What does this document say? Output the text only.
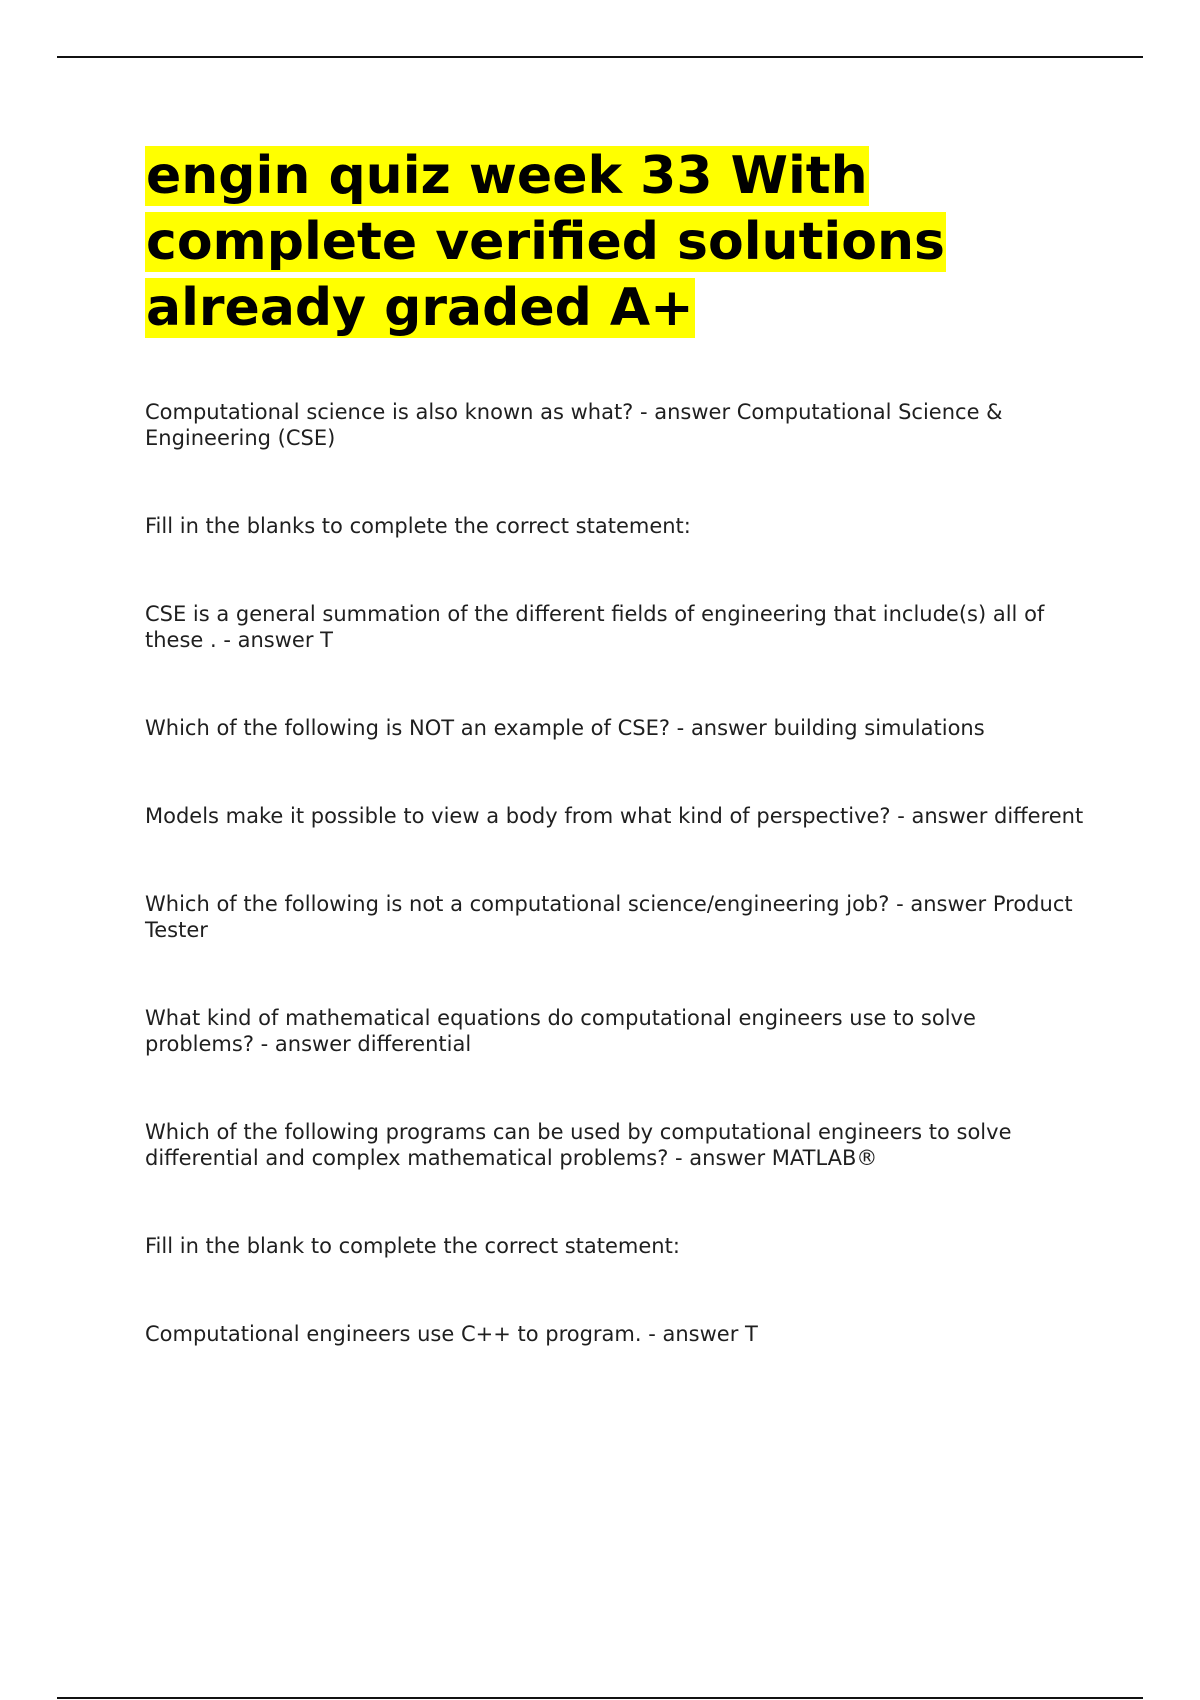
engin quiz week 33 With complete verified solutions already graded A+

Computational science is also known as what? - answer Computational Science & Engineering (CSE)

Fill in the blanks to complete the correct statement:

CSE is a general summation of the different fields of engineering that include(s) all of these . - answer T

Which of the following is NOT an example of CSE? - answer building simulations

Models make it possible to view a body from what kind of perspective? - answer different

Which of the following is not a computational science/engineering job? - answer Product Tester

What kind of mathematical equations do computational engineers use to solve problems? - answer differential

Which of the following programs can be used by computational engineers to solve differential and complex mathematical problems? - answer MATLAB®

Fill in the blank to complete the correct statement:

Computational engineers use C++ to program. - answer T
